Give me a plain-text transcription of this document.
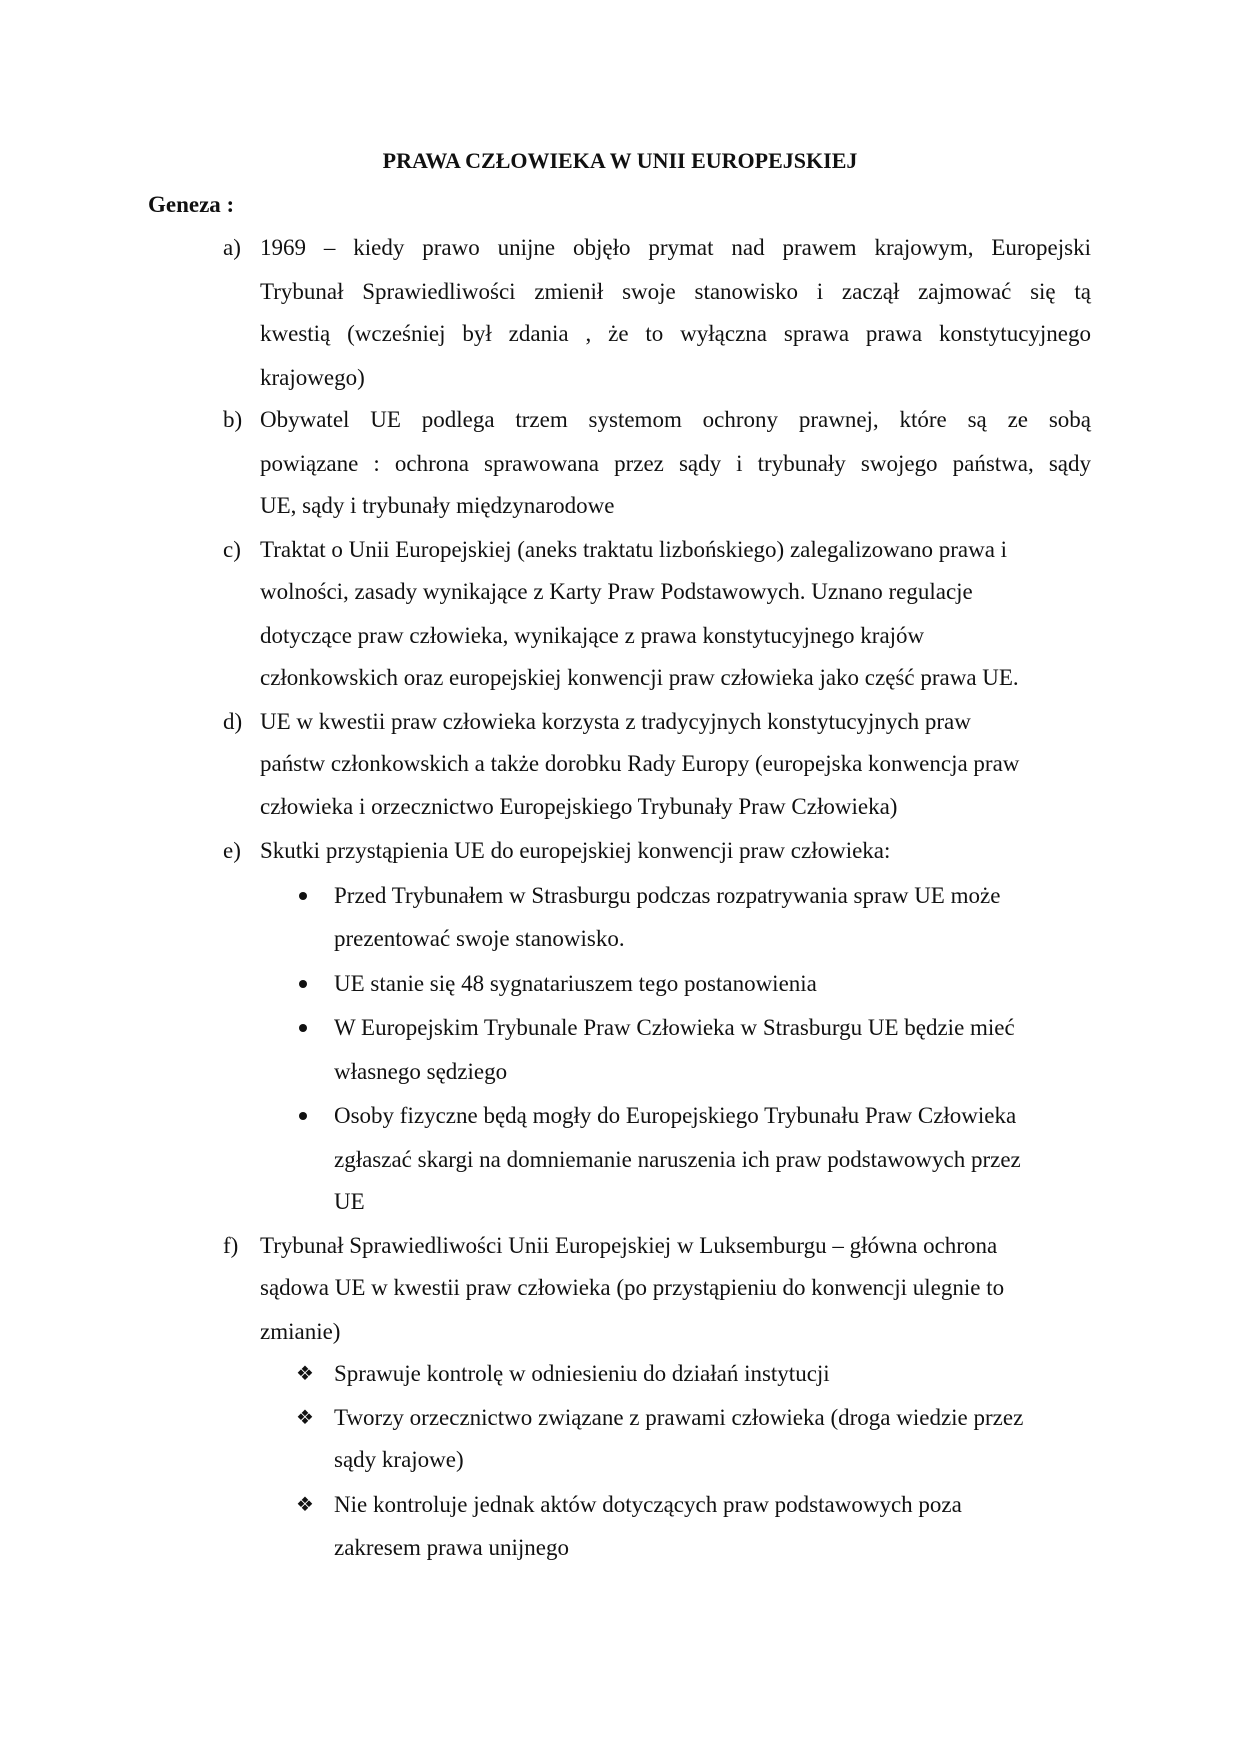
PRAWA CZŁOWIEKA W UNII EUROPEJSKIEJ
Geneza :
a) 1969 – kiedy prawo unijne objęło prymat nad prawem krajowym, Europejski
Trybunał Sprawiedliwości zmienił swoje stanowisko i zaczął zajmować się tą
kwestią (wcześniej był zdania , że to wyłączna sprawa prawa konstytucyjnego
krajowego)
b) Obywatel UE podlega trzem systemom ochrony prawnej, które są ze sobą
powiązane : ochrona sprawowana przez sądy i trybunały swojego państwa, sądy
UE, sądy i trybunały międzynarodowe
c) Traktat o Unii Europejskiej (aneks traktatu lizbońskiego) zalegalizowano prawa i
wolności, zasady wynikające z Karty Praw Podstawowych. Uznano regulacje
dotyczące praw człowieka, wynikające z prawa konstytucyjnego krajów
członkowskich oraz europejskiej konwencji praw człowieka jako część prawa UE.
d) UE w kwestii praw człowieka korzysta z tradycyjnych konstytucyjnych praw
państw członkowskich a także dorobku Rady Europy (europejska konwencja praw
człowieka i orzecznictwo Europejskiego Trybunały Praw Człowieka)
e) Skutki przystąpienia UE do europejskiej konwencji praw człowieka:
Przed Trybunałem w Strasburgu podczas rozpatrywania spraw UE może
prezentować swoje stanowisko.
UE stanie się 48 sygnatariuszem tego postanowienia
W Europejskim Trybunale Praw Człowieka w Strasburgu UE będzie mieć
własnego sędziego
Osoby fizyczne będą mogły do Europejskiego Trybunału Praw Człowieka
zgłaszać skargi na domniemanie naruszenia ich praw podstawowych przez
UE
f) Trybunał Sprawiedliwości Unii Europejskiej w Luksemburgu – główna ochrona
sądowa UE w kwestii praw człowieka (po przystąpieniu do konwencji ulegnie to
zmianie)
❖ Sprawuje kontrolę w odniesieniu do działań instytucji
❖ Tworzy orzecznictwo związane z prawami człowieka (droga wiedzie przez
sądy krajowe)
❖ Nie kontroluje jednak aktów dotyczących praw podstawowych poza
zakresem prawa unijnego
